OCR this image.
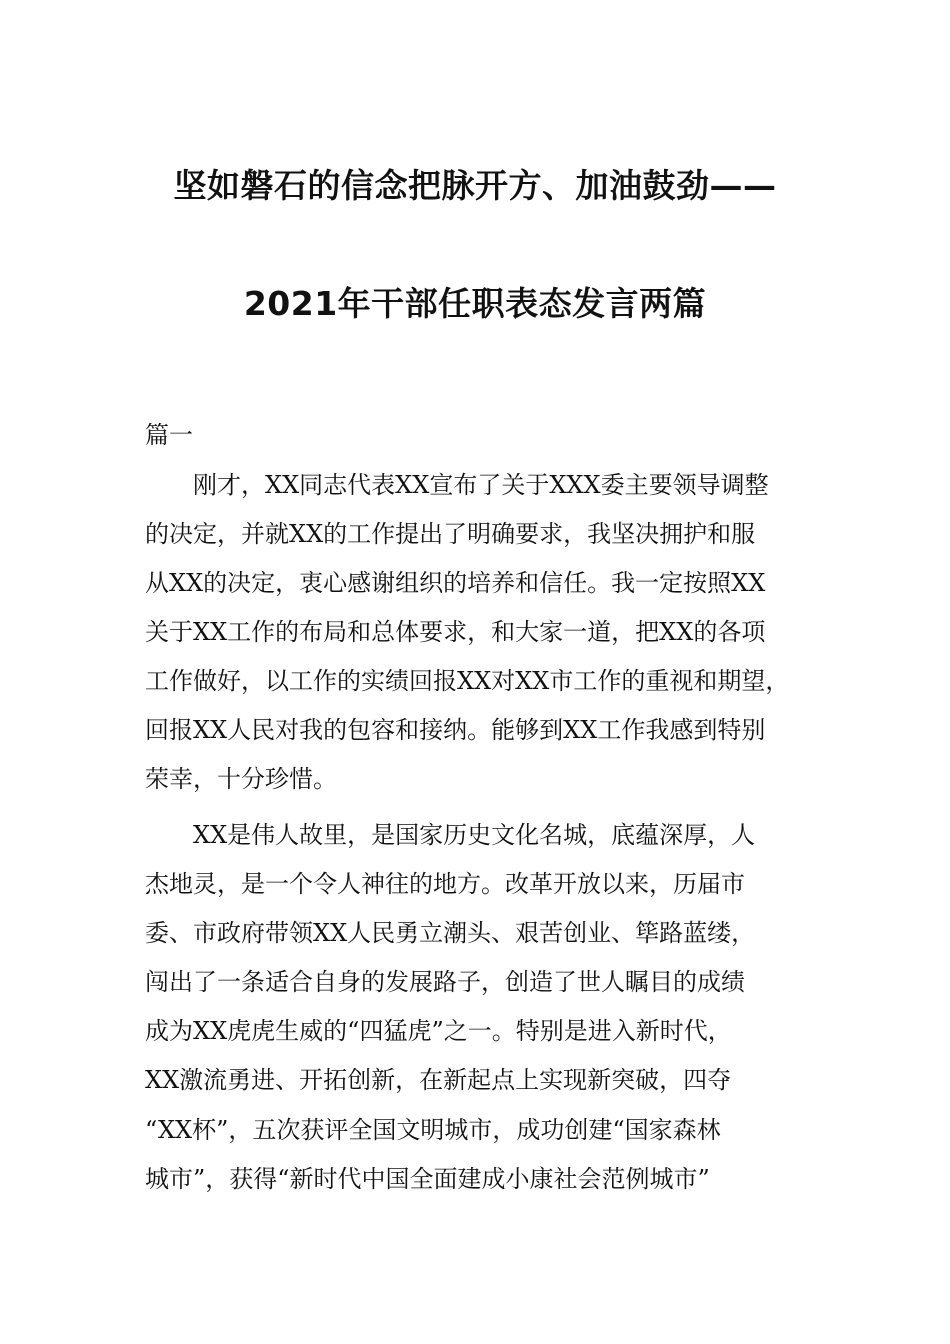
坚如磐石的信念把脉开方、加油鼓劲——
2021年干部任职表态发言两篇
篇一
刚才，XX同志代表XX宣布了关于XXX委主要领导调整
的决定，并就XX的工作提出了明确要求，我坚决拥护和服
从XX的决定，衷心感谢组织的培养和信任。我一定按照XX
关于XX工作的布局和总体要求，和大家一道，把XX的各项
工作做好，以工作的实绩回报XX对XX市工作的重视和期望，
回报XX人民对我的包容和接纳。能够到XX工作我感到特别
荣幸，十分珍惜。
XX是伟人故里，是国家历史文化名城，底蕴深厚，人
杰地灵，是一个令人神往的地方。改革开放以来，历届市
委、市政府带领XX人民勇立潮头、艰苦创业、筚路蓝缕，
闯出了一条适合自身的发展路子，创造了世人瞩目的成绩
成为XX虎虎生威的“四猛虎”之一。特别是进入新时代，
XX激流勇进、开拓创新，在新起点上实现新突破，四夺
“XX杯”，五次获评全国文明城市，成功创建“国家森林
城市”，获得“新时代中国全面建成小康社会范例城市”
